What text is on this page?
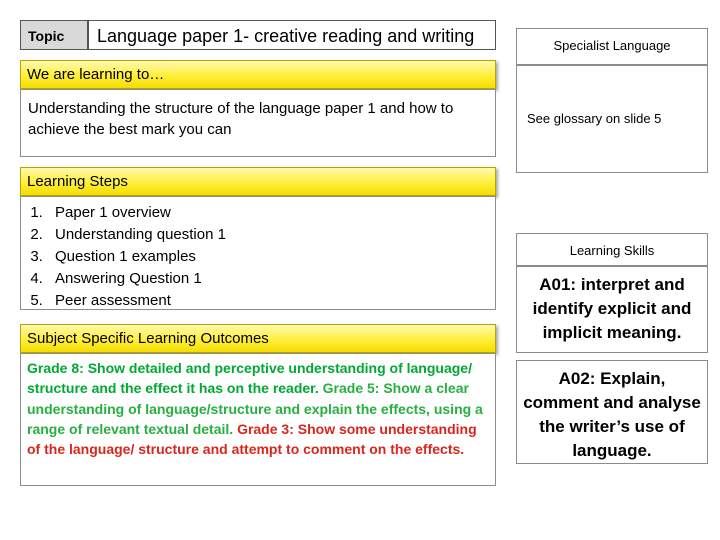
Topic	Language paper 1- creative reading and writing
We are learning to…
Understanding the structure of the language paper 1 and how to achieve the best mark you can
Learning Steps
1. Paper 1 overview
2. Understanding question 1
3. Question 1 examples
4. Answering Question 1
5. Peer assessment
Subject Specific Learning Outcomes
Grade 8: Show detailed and perceptive understanding of language/ structure and the effect it has on the reader. Grade 5: Show a clear understanding of language/structure and explain the effects, using a range of relevant textual detail. Grade 3: Show some understanding of the language/ structure and attempt to comment on the effects.
Specialist Language
See glossary on slide 5
Learning Skills
A01: interpret and identify explicit and implicit meaning.
A02: Explain, comment and analyse the writer’s use of language.
